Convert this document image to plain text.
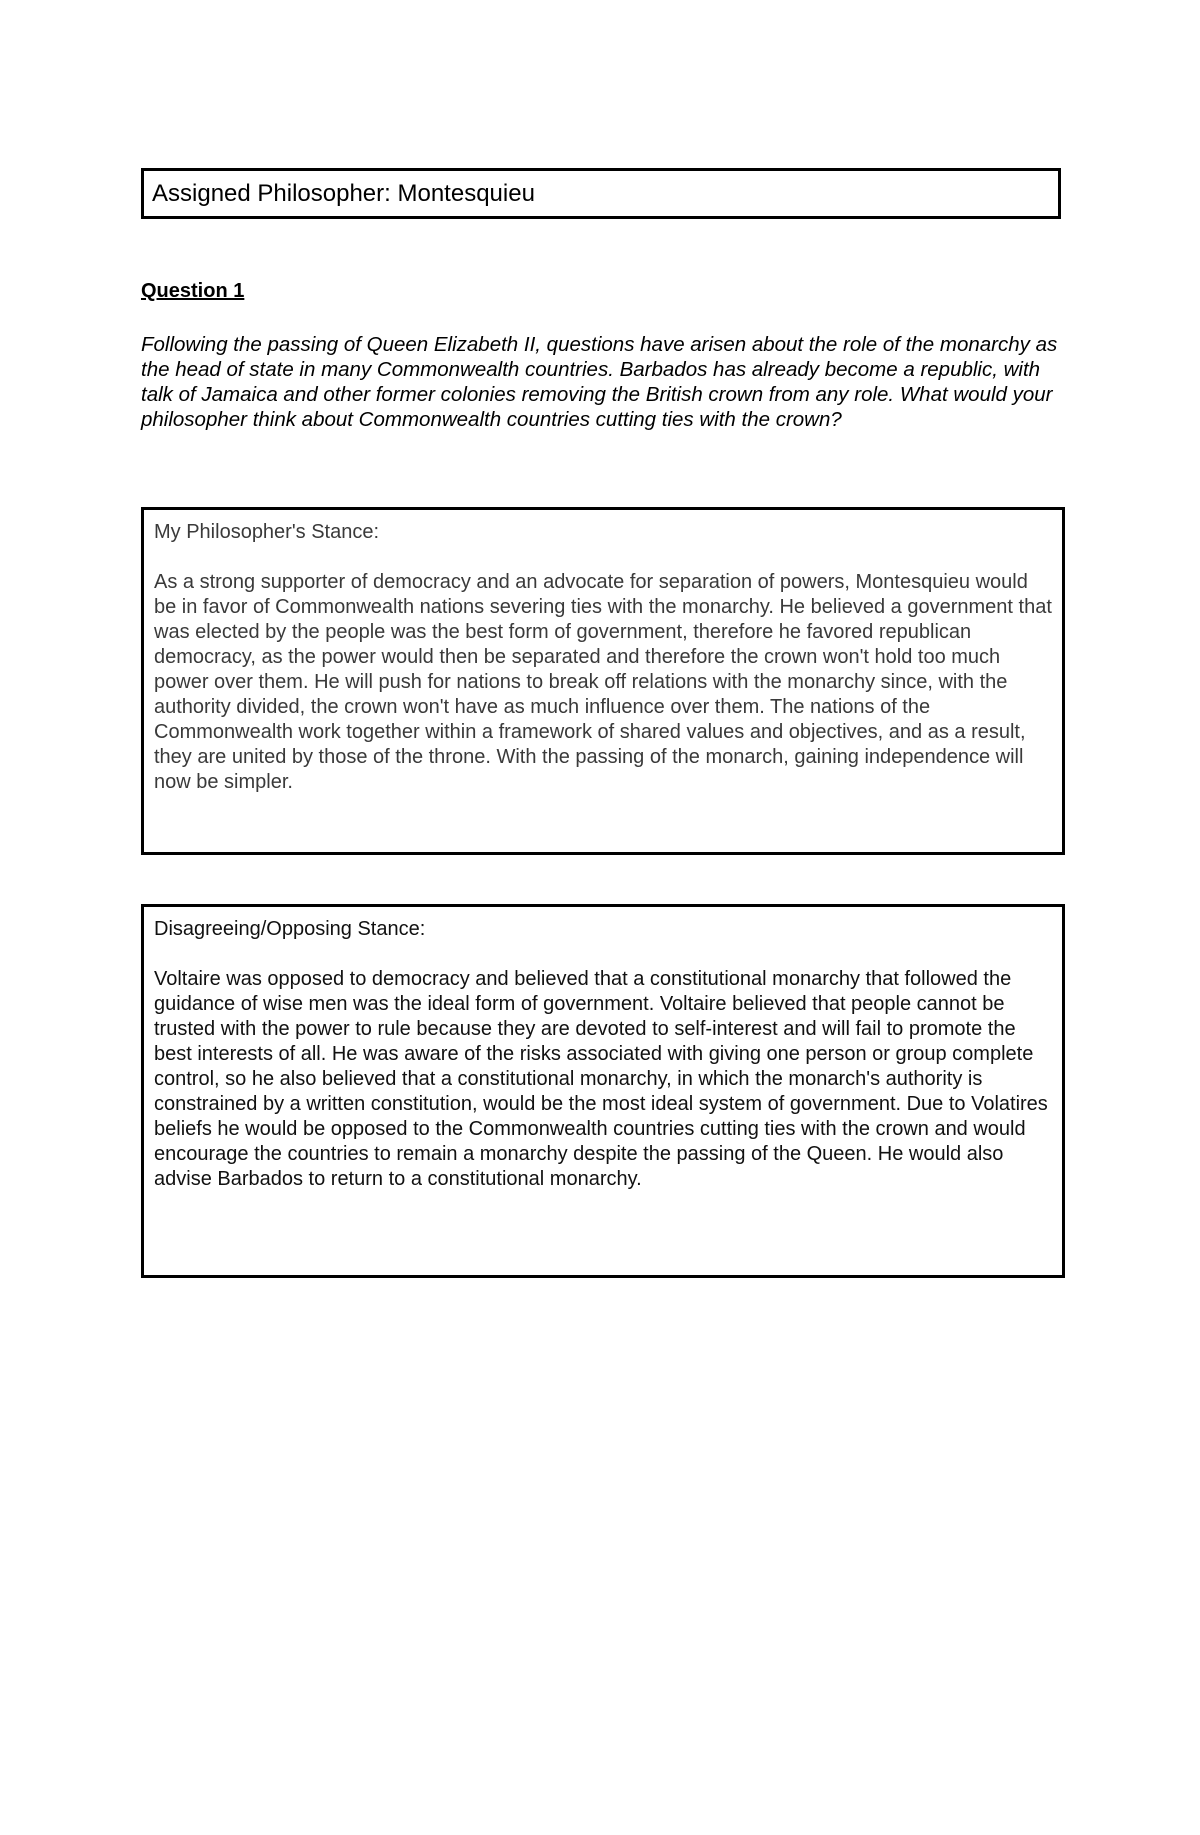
Assigned Philosopher: Montesquieu
Question 1
Following the passing of Queen Elizabeth II, questions have arisen about the role of the monarchy as the head of state in many Commonwealth countries. Barbados has already become a republic, with talk of Jamaica and other former colonies removing the British crown from any role. What would your philosopher think about Commonwealth countries cutting ties with the crown?
My Philosopher's Stance:
As a strong supporter of democracy and an advocate for separation of powers, Montesquieu would be in favor of Commonwealth nations severing ties with the monarchy. He believed a government that was elected by the people was the best form of government, therefore he favored republican democracy, as the power would then be separated and therefore the crown won't hold too much power over them. He will push for nations to break off relations with the monarchy since, with the authority divided, the crown won't have as much influence over them. The nations of the Commonwealth work together within a framework of shared values and objectives, and as a result, they are united by those of the throne. With the passing of the monarch, gaining independence will now be simpler.
Disagreeing/Opposing Stance:
Voltaire was opposed to democracy and believed that a constitutional monarchy that followed the guidance of wise men was the ideal form of government. Voltaire believed that people cannot be trusted with the power to rule because they are devoted to self-interest and will fail to promote the best interests of all. He was aware of the risks associated with giving one person or group complete control, so he also believed that a constitutional monarchy, in which the monarch's authority is constrained by a written constitution, would be the most ideal system of government. Due to Volatires beliefs he would be opposed to the Commonwealth countries cutting ties with the crown and would encourage the countries to remain a monarchy despite the passing of the Queen. He would also advise Barbados to return to a constitutional monarchy.
